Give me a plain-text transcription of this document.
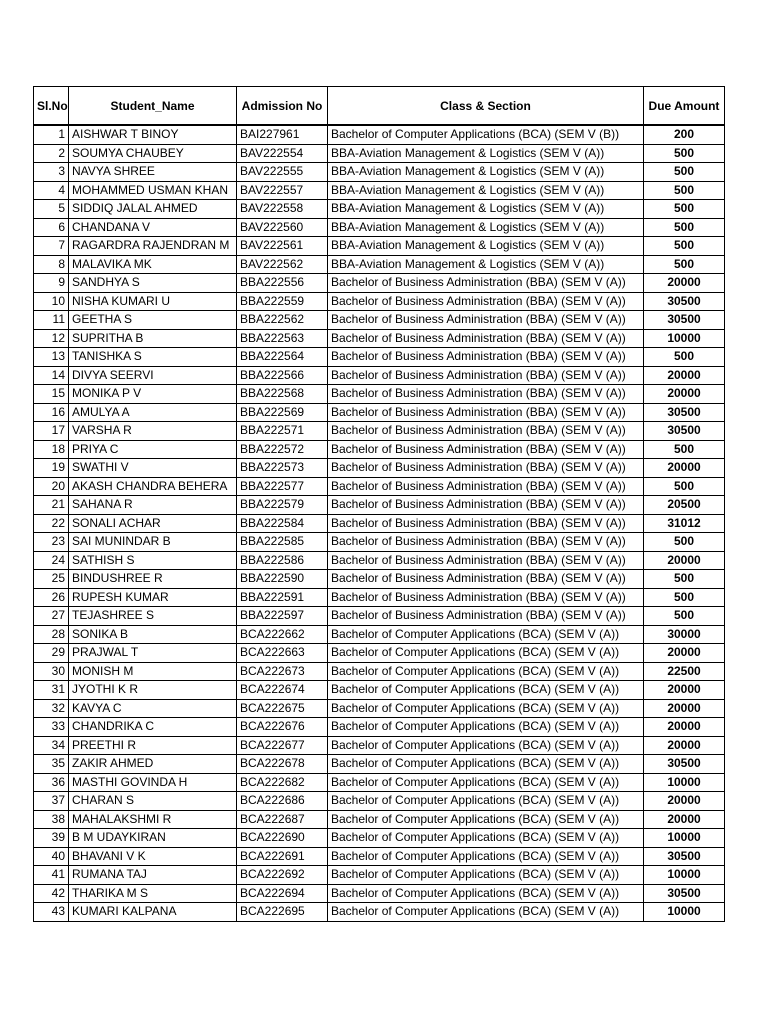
Sl.No	Student_Name	Admission No	Class & Section	Due Amount
1	AISHWAR T BINOY	BAI227961	Bachelor of Computer Applications (BCA) (SEM V (B))	200
2	SOUMYA CHAUBEY	BAV222554	BBA-Aviation Management & Logistics (SEM V (A))	500
3	NAVYA SHREE	BAV222555	BBA-Aviation Management & Logistics (SEM V (A))	500
4	MOHAMMED USMAN KHAN	BAV222557	BBA-Aviation Management & Logistics (SEM V (A))	500
5	SIDDIQ JALAL AHMED	BAV222558	BBA-Aviation Management & Logistics (SEM V (A))	500
6	CHANDANA V	BAV222560	BBA-Aviation Management & Logistics (SEM V (A))	500
7	RAGARDRA RAJENDRAN M	BAV222561	BBA-Aviation Management & Logistics (SEM V (A))	500
8	MALAVIKA MK	BAV222562	BBA-Aviation Management & Logistics (SEM V (A))	500
9	SANDHYA S	BBA222556	Bachelor of Business Administration (BBA) (SEM V (A))	20000
10	NISHA KUMARI U	BBA222559	Bachelor of Business Administration (BBA) (SEM V (A))	30500
11	GEETHA S	BBA222562	Bachelor of Business Administration (BBA) (SEM V (A))	30500
12	SUPRITHA B	BBA222563	Bachelor of Business Administration (BBA) (SEM V (A))	10000
13	TANISHKA S	BBA222564	Bachelor of Business Administration (BBA) (SEM V (A))	500
14	DIVYA SEERVI	BBA222566	Bachelor of Business Administration (BBA) (SEM V (A))	20000
15	MONIKA P V	BBA222568	Bachelor of Business Administration (BBA) (SEM V (A))	20000
16	AMULYA A	BBA222569	Bachelor of Business Administration (BBA) (SEM V (A))	30500
17	VARSHA R	BBA222571	Bachelor of Business Administration (BBA) (SEM V (A))	30500
18	PRIYA C	BBA222572	Bachelor of Business Administration (BBA) (SEM V (A))	500
19	SWATHI V	BBA222573	Bachelor of Business Administration (BBA) (SEM V (A))	20000
20	AKASH CHANDRA BEHERA	BBA222577	Bachelor of Business Administration (BBA) (SEM V (A))	500
21	SAHANA R	BBA222579	Bachelor of Business Administration (BBA) (SEM V (A))	20500
22	SONALI ACHAR	BBA222584	Bachelor of Business Administration (BBA) (SEM V (A))	31012
23	SAI MUNINDAR B	BBA222585	Bachelor of Business Administration (BBA) (SEM V (A))	500
24	SATHISH S	BBA222586	Bachelor of Business Administration (BBA) (SEM V (A))	20000
25	BINDUSHREE R	BBA222590	Bachelor of Business Administration (BBA) (SEM V (A))	500
26	RUPESH KUMAR	BBA222591	Bachelor of Business Administration (BBA) (SEM V (A))	500
27	TEJASHREE S	BBA222597	Bachelor of Business Administration (BBA) (SEM V (A))	500
28	SONIKA B	BCA222662	Bachelor of Computer Applications (BCA) (SEM V (A))	30000
29	PRAJWAL T	BCA222663	Bachelor of Computer Applications (BCA) (SEM V (A))	20000
30	MONISH M	BCA222673	Bachelor of Computer Applications (BCA) (SEM V (A))	22500
31	JYOTHI K R	BCA222674	Bachelor of Computer Applications (BCA) (SEM V (A))	20000
32	KAVYA C	BCA222675	Bachelor of Computer Applications (BCA) (SEM V (A))	20000
33	CHANDRIKA C	BCA222676	Bachelor of Computer Applications (BCA) (SEM V (A))	20000
34	PREETHI R	BCA222677	Bachelor of Computer Applications (BCA) (SEM V (A))	20000
35	ZAKIR AHMED	BCA222678	Bachelor of Computer Applications (BCA) (SEM V (A))	30500
36	MASTHI GOVINDA H	BCA222682	Bachelor of Computer Applications (BCA) (SEM V (A))	10000
37	CHARAN S	BCA222686	Bachelor of Computer Applications (BCA) (SEM V (A))	20000
38	MAHALAKSHMI R	BCA222687	Bachelor of Computer Applications (BCA) (SEM V (A))	20000
39	B M UDAYKIRAN	BCA222690	Bachelor of Computer Applications (BCA) (SEM V (A))	10000
40	BHAVANI V K	BCA222691	Bachelor of Computer Applications (BCA) (SEM V (A))	30500
41	RUMANA TAJ	BCA222692	Bachelor of Computer Applications (BCA) (SEM V (A))	10000
42	THARIKA M S	BCA222694	Bachelor of Computer Applications (BCA) (SEM V (A))	30500
43	KUMARI KALPANA	BCA222695	Bachelor of Computer Applications (BCA) (SEM V (A))	10000
